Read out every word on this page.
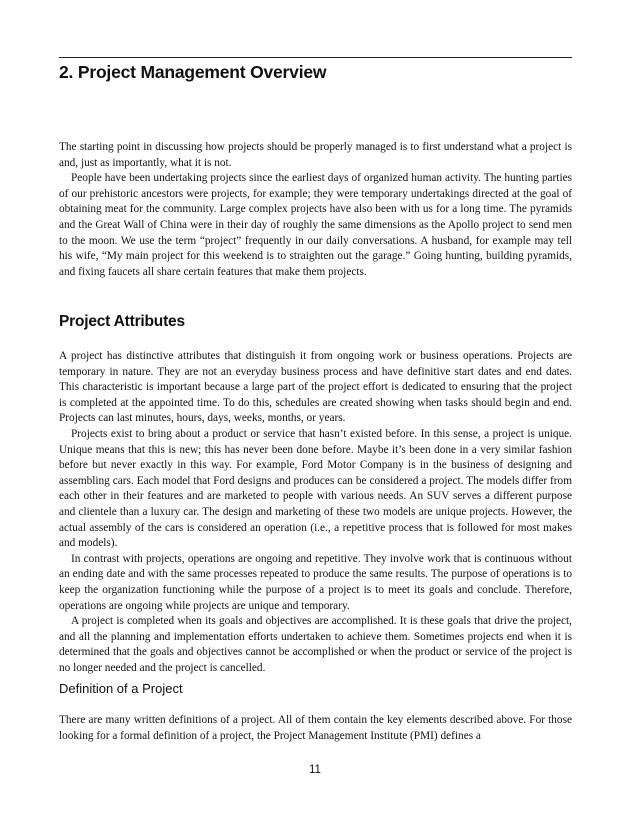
2. Project Management Overview

The starting point in discussing how projects should be properly managed is to first understand what a project is and, just as importantly, what it is not.

People have been undertaking projects since the earliest days of organized human activity. The hunting parties of our prehistoric ancestors were projects, for example; they were temporary undertakings directed at the goal of obtaining meat for the community. Large complex projects have also been with us for a long time. The pyramids and the Great Wall of China were in their day of roughly the same dimensions as the Apollo project to send men to the moon. We use the term “project” frequently in our daily conversations. A husband, for example may tell his wife, “My main project for this weekend is to straighten out the garage.” Going hunting, building pyramids, and fixing faucets all share certain features that make them projects.

Project Attributes

A project has distinctive attributes that distinguish it from ongoing work or business operations. Projects are temporary in nature. They are not an everyday business process and have definitive start dates and end dates. This characteristic is important because a large part of the project effort is dedicated to ensuring that the project is completed at the appointed time. To do this, schedules are created showing when tasks should begin and end. Projects can last minutes, hours, days, weeks, months, or years.

Projects exist to bring about a product or service that hasn’t existed before. In this sense, a project is unique. Unique means that this is new; this has never been done before. Maybe it’s been done in a very similar fashion before but never exactly in this way. For example, Ford Motor Company is in the business of designing and assembling cars. Each model that Ford designs and produces can be considered a project. The models differ from each other in their features and are marketed to people with various needs. An SUV serves a different purpose and clientele than a luxury car. The design and marketing of these two models are unique projects. However, the actual assembly of the cars is considered an operation (i.e., a repetitive process that is followed for most makes and models).

In contrast with projects, operations are ongoing and repetitive. They involve work that is continuous without an ending date and with the same processes repeated to produce the same results. The purpose of operations is to keep the organization functioning while the purpose of a project is to meet its goals and conclude. Therefore, operations are ongoing while projects are unique and temporary.

A project is completed when its goals and objectives are accomplished. It is these goals that drive the project, and all the planning and implementation efforts undertaken to achieve them. Sometimes projects end when it is determined that the goals and objectives cannot be accomplished or when the product or service of the project is no longer needed and the project is cancelled.

Definition of a Project

There are many written definitions of a project. All of them contain the key elements described above. For those looking for a formal definition of a project, the Project Management Institute (PMI) defines a

11
